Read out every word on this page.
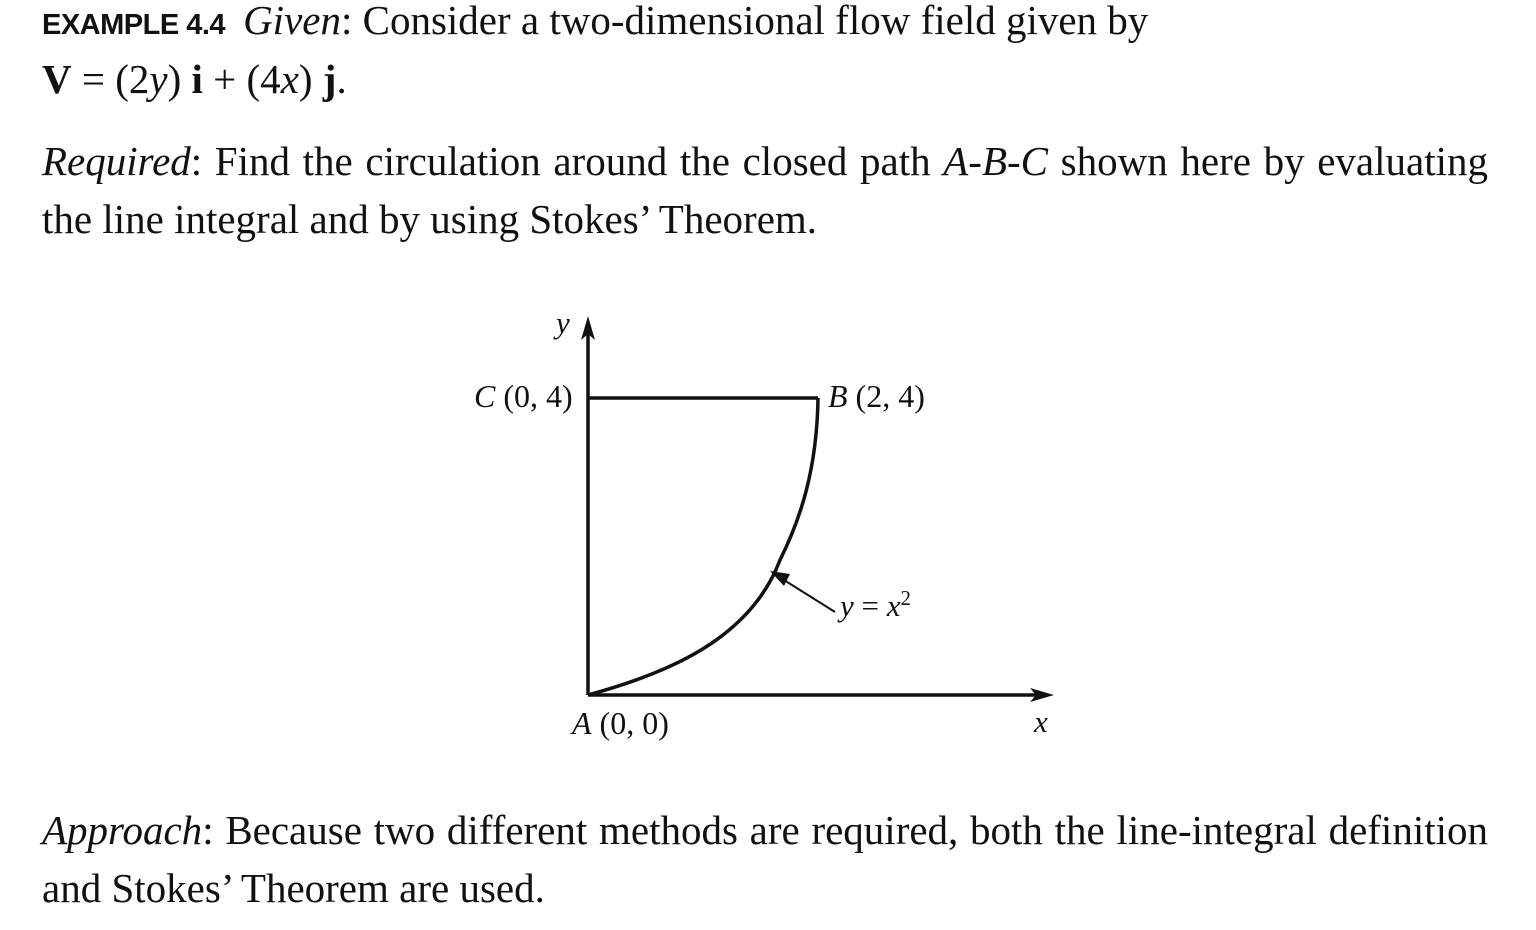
EXAMPLE 4.4 Given: Consider a two-dimensional flow field given by

V = (2y) i + (4x) j.

Required: Find the circulation around the closed path A-B-C shown here by evaluating the line integral and by using Stokes’ Theorem.

y
x
C (0, 4)	B (2, 4)
A (0, 0)
$y = x^2$

Approach: Because two different methods are required, both the line-integral definition and Stokes’ Theorem are used.
